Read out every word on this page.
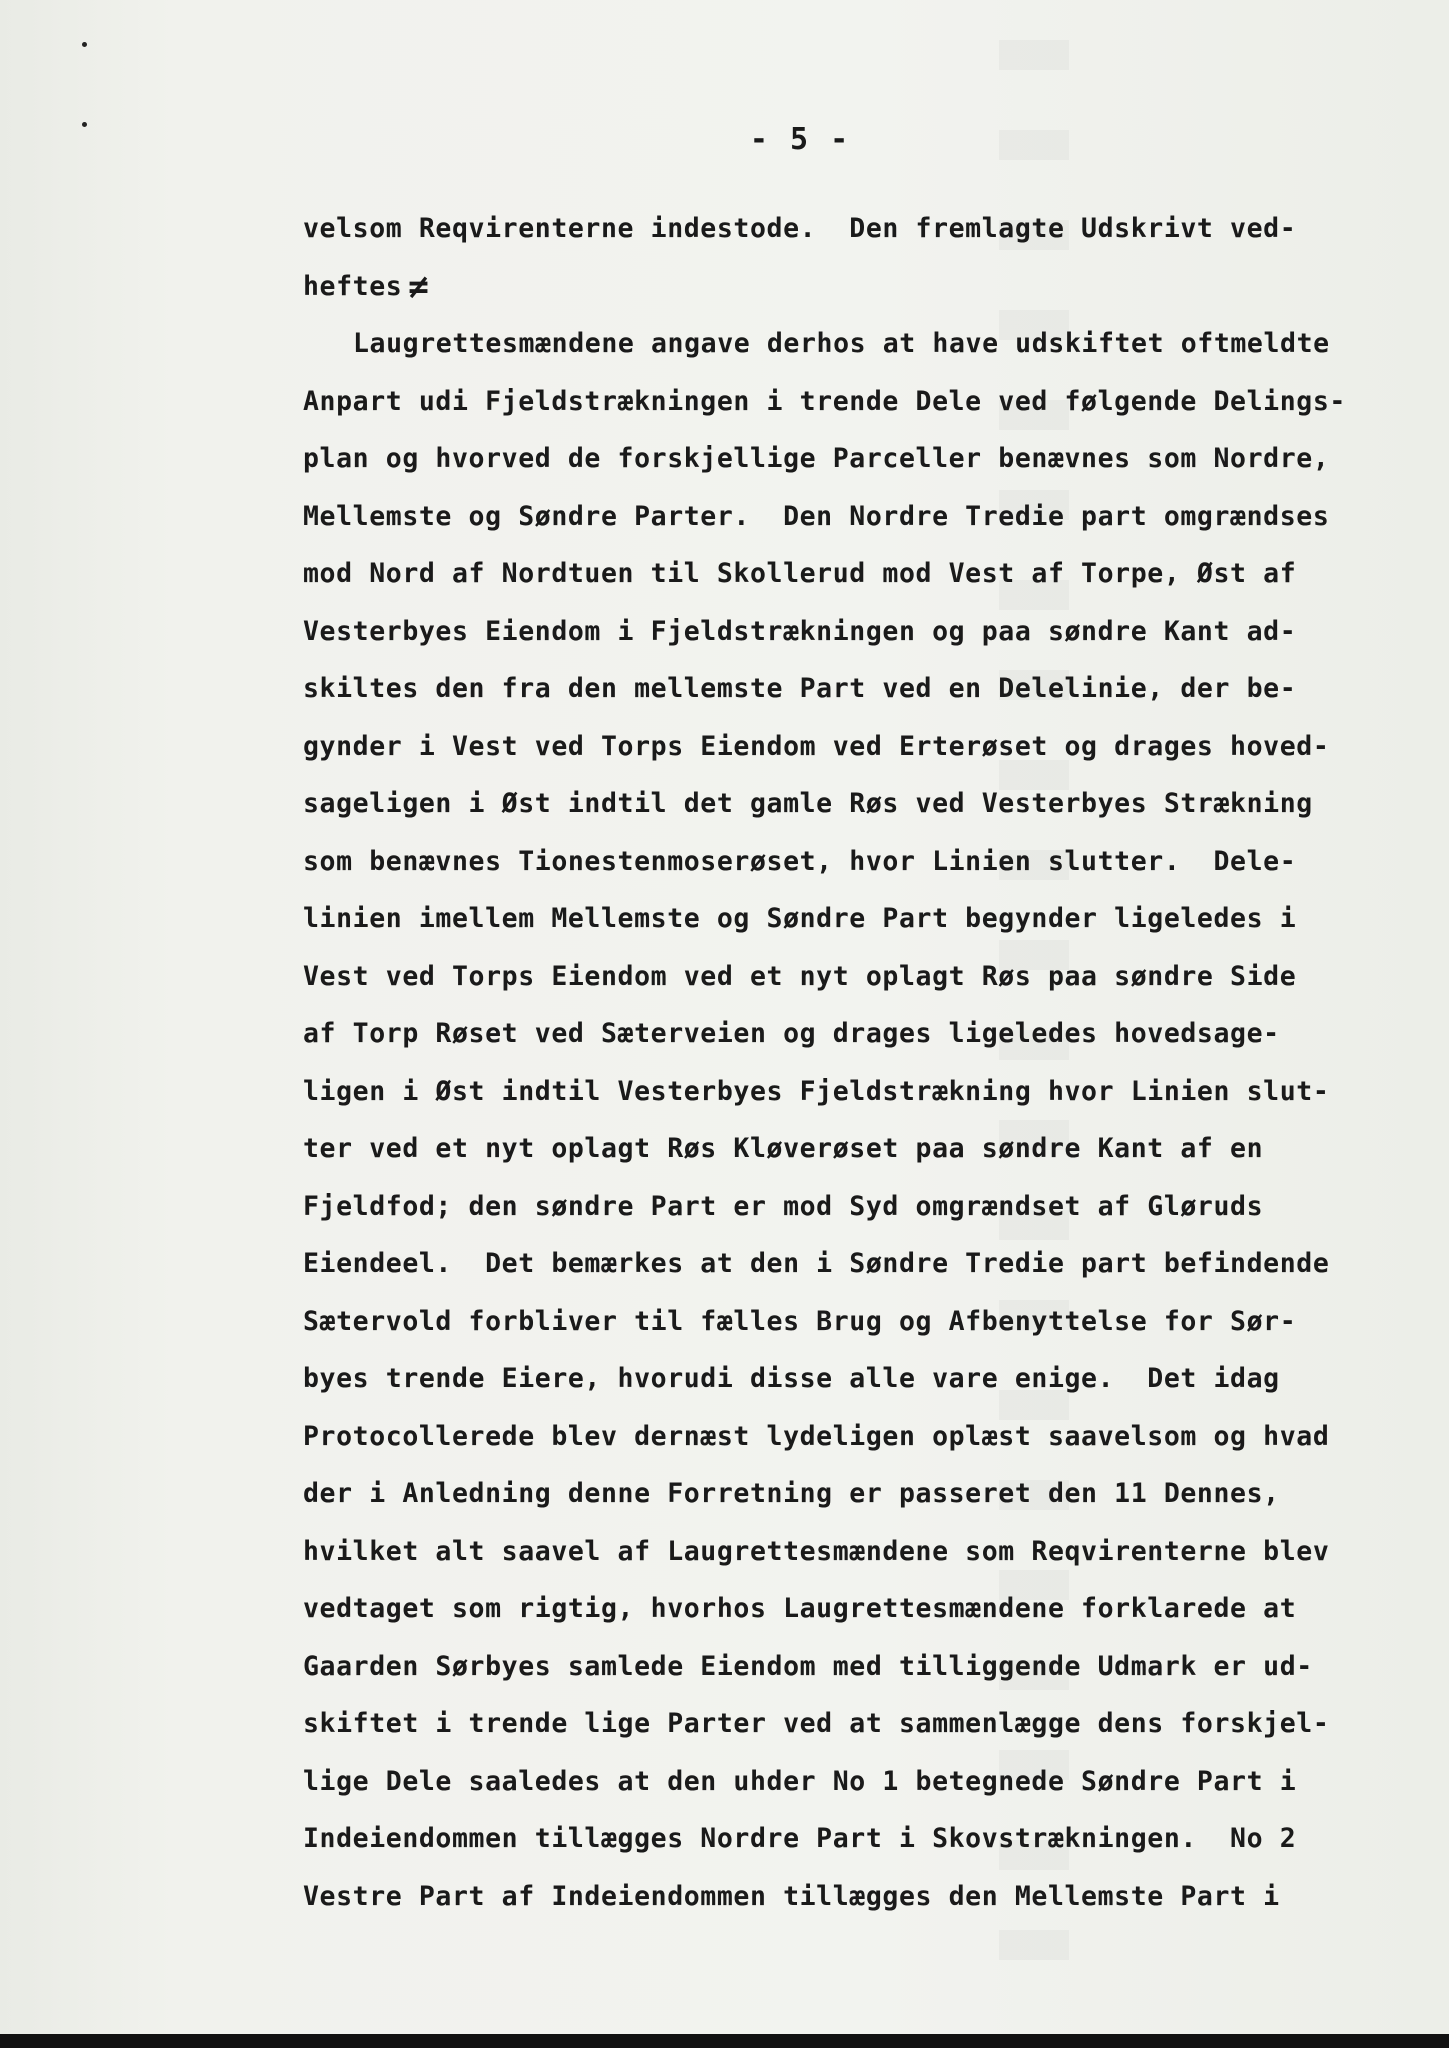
- 5 -
velsom Reqvirenterne indestode.  Den fremlagte Udskrivt ved-
heftes ≠
Laugrettesmændene angave derhos at have udskiftet oftmeldte
Anpart udi Fjeldstrækningen i trende Dele ved følgende Delings-
plan og hvorved de forskjellige Parceller benævnes som Nordre,
Mellemste og Søndre Parter.  Den Nordre Tredie part omgrændses
mod Nord af Nordtuen til Skollerud mod Vest af Torpe, Øst af
Vesterbyes Eiendom i Fjeldstrækningen og paa søndre Kant ad-
skiltes den fra den mellemste Part ved en Delelinie, der be-
gynder i Vest ved Torps Eiendom ved Erterøset og drages hoved-
sageligen i Øst indtil det gamle Røs ved Vesterbyes Strækning
som benævnes Tionestenmoserøset, hvor Linien slutter.  Dele-
linien imellem Mellemste og Søndre Part begynder ligeledes i
Vest ved Torps Eiendom ved et nyt oplagt Røs paa søndre Side
af Torp Røset ved Sæterveien og drages ligeledes hovedsage-
ligen i Øst indtil Vesterbyes Fjeldstrækning hvor Linien slut-
ter ved et nyt oplagt Røs Kløverøset paa søndre Kant af en
Fjeldfod; den søndre Part er mod Syd omgrændset af Gløruds
Eiendeel.  Det bemærkes at den i Søndre Tredie part befindende
Sætervold forbliver til fælles Brug og Afbenyttelse for Sør-
byes trende Eiere, hvorudi disse alle vare enige.  Det idag
Protocollerede blev dernæst lydeligen oplæst saavelsom og hvad
der i Anledning denne Forretning er passeret den 11 Dennes,
hvilket alt saavel af Laugrettesmændene som Reqvirenterne blev
vedtaget som rigtig, hvorhos Laugrettesmændene forklarede at
Gaarden Sørbyes samlede Eiendom med tilliggende Udmark er ud-
skiftet i trende lige Parter ved at sammenlægge dens forskjel-
lige Dele saaledes at den uhder No 1 betegnede Søndre Part i
Indeiendommen tillægges Nordre Part i Skovstrækningen.  No 2
Vestre Part af Indeiendommen tillægges den Mellemste Part i
